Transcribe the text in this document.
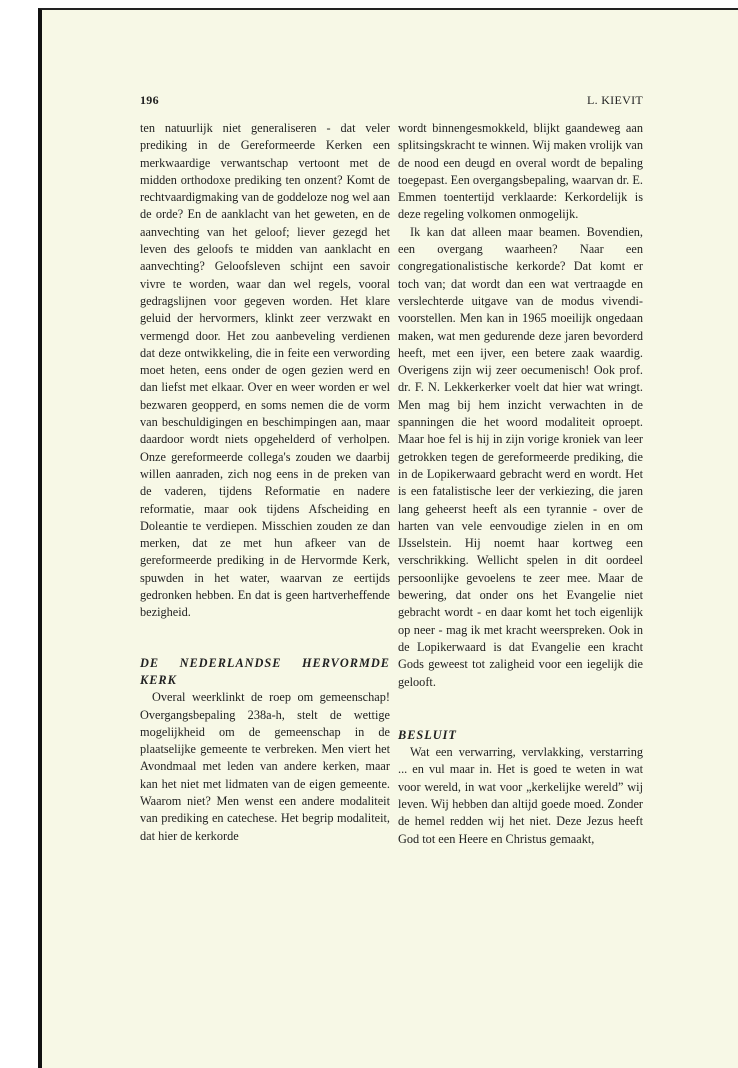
196	L. KIEVIT

ten natuurlijk niet generaliseren - dat veler prediking in de Gereformeerde Kerken een merkwaardige verwantschap vertoont met de midden orthodoxe prediking ten onzent? Komt de rechtvaardigmaking van de goddeloze nog wel aan de orde? En de aanklacht van het geweten, en de aanvechting van het geloof; liever gezegd het leven des geloofs te midden van aanklacht en aanvechting? Geloofsleven schijnt een savoir vivre te worden, waar dan wel regels, vooral gedragslijnen voor gegeven worden. Het klare geluid der hervormers, klinkt zeer verzwakt en vermengd door. Het zou aanbeveling verdienen dat deze ontwikkeling, die in feite een verwording moet heten, eens onder de ogen gezien werd en dan liefst met elkaar. Over en weer worden er wel bezwaren geopperd, en soms nemen die de vorm van beschuldigingen en beschimpingen aan, maar daardoor wordt niets opgehelderd of verholpen. Onze gereformeerde collega's zouden we daarbij willen aanraden, zich nog eens in de preken van de vaderen, tijdens Reformatie en nadere reformatie, maar ook tijdens Afscheiding en Doleantie te verdiepen. Misschien zouden ze dan merken, dat ze met hun afkeer van de gereformeerde prediking in de Hervormde Kerk, spuwden in het water, waarvan ze eertijds gedronken hebben. En dat is geen hartverheffende bezigheid.

DE NEDERLANDSE HERVORMDE KERK

Overal weerklinkt de roep om gemeenschap! Overgangsbepaling 238a-h, stelt de wettige mogelijkheid om de gemeenschap in de plaatselijke gemeente te verbreken. Men viert het Avondmaal met leden van andere kerken, maar kan het niet met lidmaten van de eigen gemeente. Waarom niet? Men wenst een andere modaliteit van prediking en catechese. Het begrip modaliteit, dat hier de kerkorde

wordt binnengesmokkeld, blijkt gaandeweg aan splitsingskracht te winnen. Wij maken vrolijk van de nood een deugd en overal wordt de bepaling toegepast. Een overgangsbepaling, waarvan dr. E. Emmen toentertijd verklaarde: Kerkordelijk is deze regeling volkomen onmogelijk.

Ik kan dat alleen maar beamen. Bovendien, een overgang waarheen? Naar een congregationalistische kerkorde? Dat komt er toch van; dat wordt dan een wat vertraagde en verslechterde uitgave van de modus vivendi-voorstellen. Men kan in 1965 moeilijk ongedaan maken, wat men gedurende deze jaren bevorderd heeft, met een ijver, een betere zaak waardig. Overigens zijn wij zeer oecumenisch! Ook prof. dr. F. N. Lekkerkerker voelt dat hier wat wringt. Men mag bij hem inzicht verwachten in de spanningen die het woord modaliteit oproept. Maar hoe fel is hij in zijn vorige kroniek van leer getrokken tegen de gereformeerde prediking, die in de Lopikerwaard gebracht werd en wordt. Het is een fatalistische leer der verkiezing, die jaren lang geheerst heeft als een tyrannie - over de harten van vele eenvoudige zielen in en om IJsselstein. Hij noemt haar kortweg een verschrikking. Wellicht spelen in dit oordeel persoonlijke gevoelens te zeer mee. Maar de bewering, dat onder ons het Evangelie niet gebracht wordt - en daar komt het toch eigenlijk op neer - mag ik met kracht weerspreken. Ook in de Lopikerwaard is dat Evangelie een kracht Gods geweest tot zaligheid voor een iegelijk die gelooft.

BESLUIT

Wat een verwarring, vervlakking, verstarring ... en vul maar in. Het is goed te weten in wat voor wereld, in wat voor „kerkelijke wereld” wij leven. Wij hebben dan altijd goede moed. Zonder de hemel redden wij het niet. Deze Jezus heeft God tot een Heere en Christus gemaakt,
